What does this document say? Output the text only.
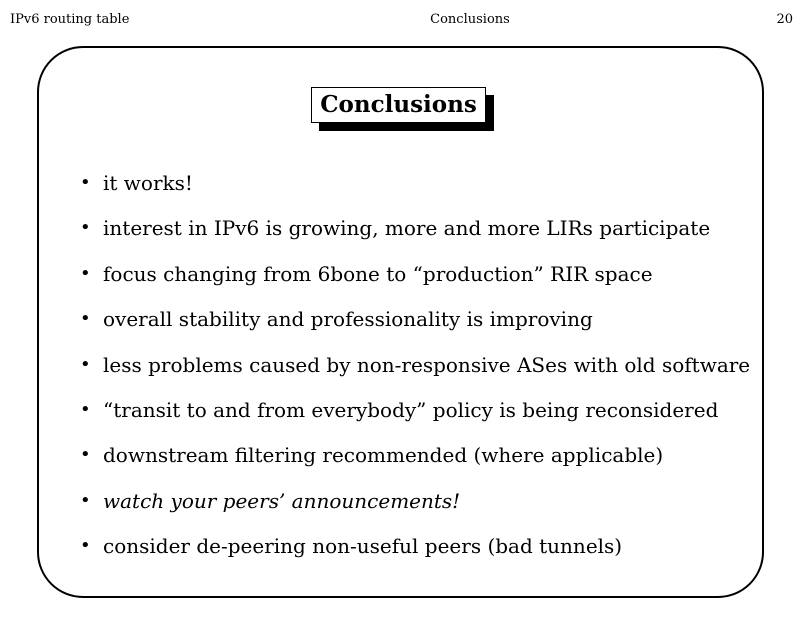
IPv6 routing table	Conclusions	20
Conclusions
• it works!
• interest in IPv6 is growing, more and more LIRs participate
• focus changing from 6bone to “production” RIR space
• overall stability and professionality is improving
• less problems caused by non-responsive ASes with old software
• “transit to and from everybody” policy is being reconsidered
• downstream filtering recommended (where applicable)
• watch your peers’ announcements!
• consider de-peering non-useful peers (bad tunnels)
